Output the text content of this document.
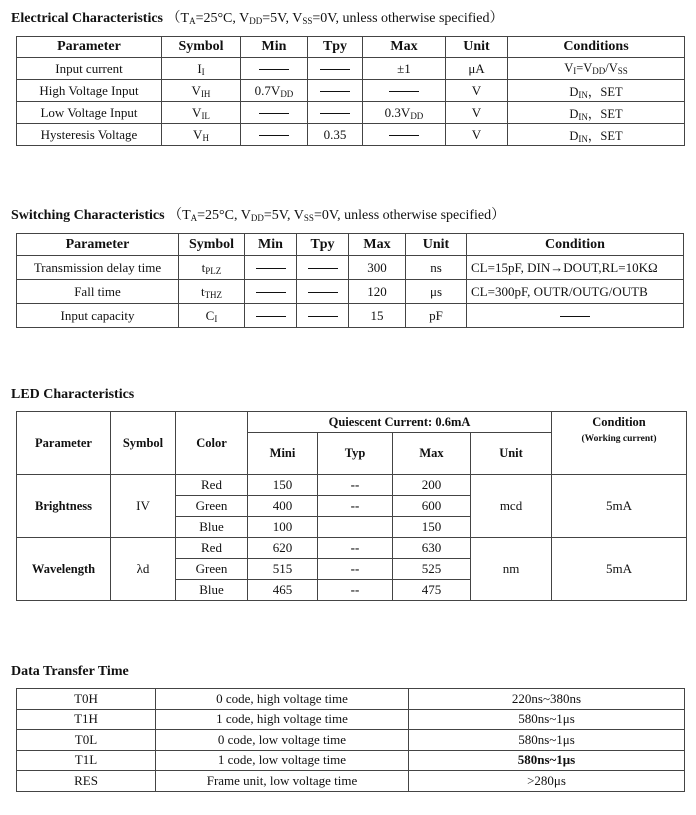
Electrical Characteristics （$T_A=25^\circ C$, $V_{DD}=5V$, $V_{SS}=0V$, unless otherwise specified）
Parameter	Symbol	Min	Tpy	Max	Unit	Conditions
Input current	$I_I$			±1	μA	$V_I=V_{DD}/V_{SS}$
High Voltage Input	$V_{IH}$	$0.7V_{DD}$			V	$D_{IN}$，SET
Low Voltage Input	$V_{IL}$			$0.3V_{DD}$	V	$D_{IN}$，SET
Hysteresis Voltage	$V_H$		0.35		V	$D_{IN}$，SET
Switching Characteristics （$T_A=25^\circ C$, $V_{DD}=5V$, $V_{SS}=0V$, unless otherwise specified）
Parameter	Symbol	Min	Tpy	Max	Unit	Condition
Transmission delay time	$t_{PLZ}$			300	ns	CL=15pF, DIN→DOUT,RL=10KΩ
Fall time	$t_{THZ}$			120	μs	CL=300pF, OUTR/OUTG/OUTB
Input capacity	$C_I$			15	pF	
LED Characteristics
Parameter	Symbol	Color	Quiescent Current: 0.6mA				Condition
(Working current)

			Mini	Typ	Max	Unit	
Brightness	IV	Red	150	--	200	mcd	5mA
		Green	400	--	600		
		Blue	100		150		
Wavelength	λd	Red	620	--	630	nm	5mA
		Green	515	--	525		
		Blue	465	--	475		
Data Transfer Time
T0H	0 code, high voltage time	220ns~380ns
T1H	1 code, high voltage time	580ns~1μs
T0L	0 code, low voltage time	580ns~1μs
T1L	1 code, low voltage time	580ns~1μs
RES	Frame unit, low voltage time	>280μs
